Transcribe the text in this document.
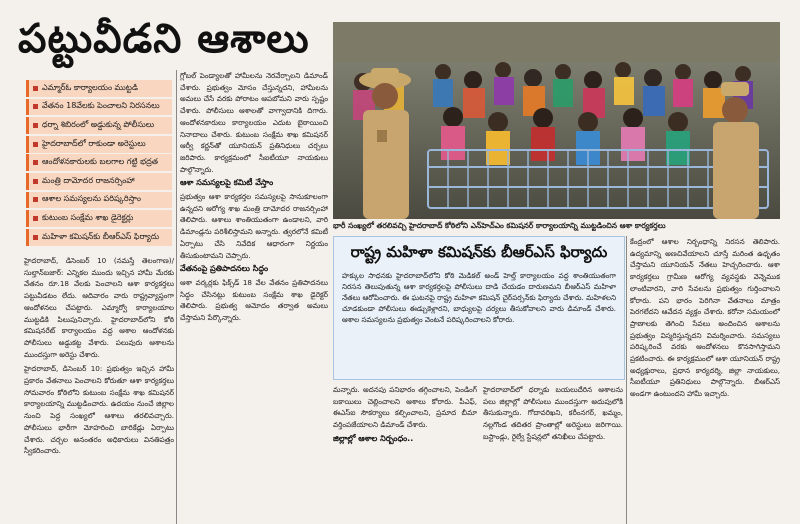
పట్టువీడని ఆశాలు
ఎమ్మార్‌ఓ కార్యాలయం ముట్టడి
వేతనం 18వేలకు పెంచాలని నిరసనలు
ధర్నా శిబిరంలో అడ్డుకున్న పోలీసులు
హైదరాబాద్‌లో రాకుండా అరెస్టులు
ఆందోళనకారులకు బలగాల గట్టి భద్రత
మంత్రి దామోదర రాజనర్సింహా
ఆశాల సమస్యలను పరిష్కరిస్తాం
కుటుంబ సంక్షేమ శాఖ డైరెక్టర్లు
మహిళా కమిషన్‌కు బీఆర్‌ఎస్ ఫిర్యాదు
హైదరాబాద్, డిసెంబర్ 10 (నమస్తే తెలంగాణ)/సుల్తాన్‌బజార్: ఎన్నికల ముందు ఇచ్చిన హామీ మేరకు వేతనం రూ.18 వేలకు పెంచాలని ఆశా కార్యకర్తలు పట్టువీడటం లేదు. ఆదివారం వారు రాష్ట్రవ్యాప్తంగా ఆందోళనలు చేపట్టారు. ఎమ్మార్వో కార్యాలయాల ముట్టడికి పిలుపునిచ్చారు. హైదరాబాద్‌లోని కోఠి కమిషనరేట్ కార్యాలయం వద్ద ఆశాల ఆందోళనకు పోలీసులు అడ్డుకట్ట వేశారు. పలువురు ఆశాలను ముందస్తుగా అరెస్టు చేశారు.
హైదరాబాద్, డిసెంబర్ 10: ప్రభుత్వం ఇచ్చిన హామీ ప్రకారం వేతనాలు పెంచాలని కోరుతూ ఆశా కార్యకర్తలు సోమవారం కోఠిలోని కుటుంబ సంక్షేమ శాఖ కమిషనర్ కార్యాలయాన్ని ముట్టడించారు. ఉదయం నుంచే జిల్లాల నుంచి పెద్ద సంఖ్యలో ఆశాలు తరలివచ్చారు. పోలీసులు భారీగా మోహరించి బారికేడ్లు ఏర్పాటు చేశారు. చర్చల అనంతరం అధికారులు వినతిపత్రం స్వీకరించారు.
గ్లోబల్ పెండ్యాలతో హామీలను నెరవేర్చాలని డిమాండ్ చేశారు. ప్రభుత్వం మోసం చేస్తున్నదని, హామీలను అమలు చేసే వరకు పోరాటం ఆపబోమని వారు స్పష్టం చేశారు. పోలీసులు ఆశాలతో వాగ్వాదానికి దిగారు. ఆందోళనకారులు కార్యాలయం ఎదుట బైఠాయించి నినాదాలు చేశారు. కుటుంబ సంక్షేమ శాఖ కమిషనర్ ఆర్వీ కర్ణన్‌తో యూనియన్ ప్రతినిధులు చర్చలు జరిపారు. కార్యక్రమంలో సీఐటీయూ నాయకులు పాల్గొన్నారు.
ఆశా సమస్యలపై కమిటీ వేస్తాం
ప్రభుత్వం ఆశా కార్యకర్తల సమస్యలపై సానుకూలంగా ఉన్నదని ఆరోగ్య శాఖ మంత్రి దామోదర రాజనర్సింహా తెలిపారు. ఆశాలు శాంతియుతంగా ఉండాలని, వారి డిమాండ్లను పరిశీలిస్తామని అన్నారు. త్వరలోనే కమిటీ ఏర్పాటు చేసి నివేదిక ఆధారంగా నిర్ణయం తీసుకుంటామని చెప్పారు.
వేతనంపై ప్రతిపాదనలు సిద్ధం
ఆశా వర్కర్లకు ఫిక్స్‌డ్ 18 వేల వేతనం ప్రతిపాదనలు సిద్ధం చేసినట్లు కుటుంబ సంక్షేమ శాఖ డైరెక్టర్ తెలిపారు. ప్రభుత్వ ఆమోదం తర్వాత అమలు చేస్తామని పేర్కొన్నారు.
భారీ సంఖ్యలో తరలివచ్చి హైదరాబాద్ కోఠిలోని ఎన్‌హెచ్‌ఎం కమిషనర్ కార్యాలయాన్ని ముట్టడించిన ఆశా కార్యకర్తలు
రాష్ట్ర మహిళా కమిషన్‌కు బీఆర్‌ఎస్ ఫిర్యాదు
హక్కుల సాధనకు హైదరాబాద్‌లోని కోఠి మెడికల్ అండ్ హెల్త్ కార్యాలయం వద్ద శాంతియుతంగా నిరసన తెలుపుతున్న ఆశా కార్యకర్తలపై పోలీసులు దాడి చేయడం దారుణమని బీఆర్‌ఎస్ మహిళా నేతలు ఆరోపించారు. ఈ ఘటనపై రాష్ట్ర మహిళా కమిషన్ చైర్‌పర్సన్‌కు ఫిర్యాదు చేశారు. మహిళలని చూడకుండా పోలీసులు ఈడ్చుకెళ్లారని, బాధ్యులపై చర్యలు తీసుకోవాలని వారు డిమాండ్ చేశారు. ఆశాల సమస్యలను ప్రభుత్వం వెంటనే పరిష్కరించాలని కోరారు.
మన్నారు. అదనపు పనిభారం తగ్గించాలని, పెండింగ్ బకాయిలు చెల్లించాలని ఆశాలు కోరారు. పీఎఫ్, ఈఎస్ఐ సౌకర్యాలు కల్పించాలని, ప్రమాద బీమా వర్తింపజేయాలని డిమాండ్ చేశారు.
జిల్లాల్లో ఆశాల నిర్బంధం..
హైదరాబాద్‌లో ధర్నాకు బయలుదేరిన ఆశాలను పలు జిల్లాల్లో పోలీసులు ముందస్తుగా అదుపులోకి తీసుకున్నారు. గోదావరిఖని, కరీంనగర్, ఖమ్మం, నల్లగొండ తదితర ప్రాంతాల్లో అరెస్టులు జరిగాయి. బస్టాండ్లు, రైల్వే స్టేషన్లలో తనిఖీలు చేపట్టారు.
కేంద్రంలో ఆశాల నిర్బంధాన్ని నిరసన తెలిపారు. ఉద్యమాన్ని అణచివేయాలని చూస్తే మరింత ఉధృతం చేస్తామని యూనియన్ నేతలు హెచ్చరించారు. ఆశా కార్యకర్తలు గ్రామీణ ఆరోగ్య వ్యవస్థకు వెన్నెముక లాంటివారని, వారి సేవలను ప్రభుత్వం గుర్తించాలని కోరారు. పని భారం పెరిగినా వేతనాలు మాత్రం పెరగలేదని ఆవేదన వ్యక్తం చేశారు. కరోనా సమయంలో ప్రాణాలకు తెగించి సేవలు అందించిన ఆశాలను ప్రభుత్వం విస్మరిస్తున్నదని విమర్శించారు. సమస్యలు పరిష్కరించే వరకు ఆందోళనలు కొనసాగిస్తామని ప్రకటించారు. ఈ కార్యక్రమంలో ఆశా యూనియన్ రాష్ట్ర అధ్యక్షురాలు, ప్రధాన కార్యదర్శి, జిల్లా నాయకులు, సీఐటీయూ ప్రతినిధులు పాల్గొన్నారు. బీఆర్‌ఎస్ అండగా ఉంటుందని హామీ ఇచ్చారు.
